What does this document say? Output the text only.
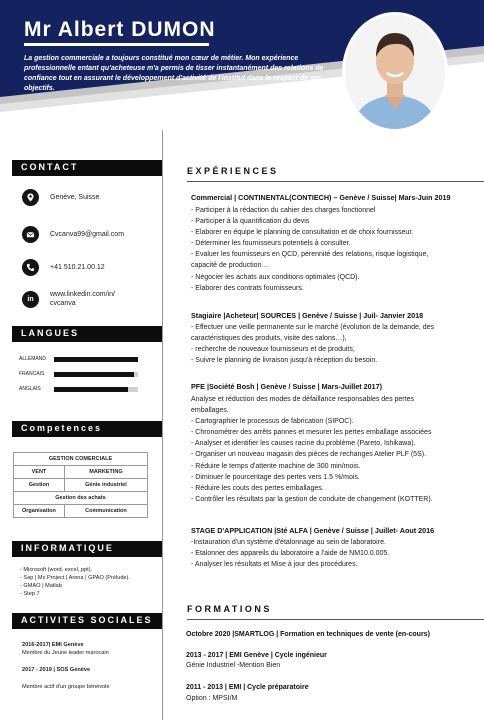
Mr Albert DUMON
La gestion commerciale a toujours constitué mon cœur de métier. Mon expérience professionnelle entant qu'acheteuse m'a permis de tisser instantanément des relations de confiance tout en assurant le développement d'activité de l'institut dans le respect de ses objectifs.
CONTACT
Genève, Suisse
Cvcanva99@gmail.com
+41 510.21.00.12
in
www.linkedin.com/in/
cvcanva
LANGUES
ALLEMAND
FRANCAIS
ANGLAIS
Competences
GESTION COMERCIALE	
VENT	MARKETING
Gestion	Génie industriel
Gestion des achats	
Organisation	Communication
INFORMATIQUE
- Microsoft (word, excel, ppt).
- Sap | Ms Project | Arena | GPAO (Prélude).
- GMAO | Matlab
- Step 7
ACTIVITES SOCIALES
2016-2017| EMI Genève
Membre du Jeune leader marocain
2017 - 2019 | SOS Genève
Membre actif d'un groupe bénévole
EXPÉRIENCES
Commercial | CONTINENTAL(CONTIECH) – Genève / Suisse| Mars-Juin 2019
- Participer à la rédaction du cahier des charges fonctionnel
- Participer à la quantification du devis
- Elaborer en équipe le planning de consultation et de choix fournisseur.
- Déterminer les fournisseurs potentiels à consulter.
- Evaluer les fournisseurs en QCD, pérennité des relations, risque logistique,
capacité de production…
- Négocier les achats aux conditions optimales (QCD).
- Elaborer des contrats fournisseurs.
Stagiaire |Acheteur| SOURCES | Genève / Suisse | Juil- Janvier 2018
- Effectuer une veille permanente sur le marché (évolution de la demande, des
caractéristiques des produits, visite des salons…),
- recherche de nouveaux fournisseurs et de produits,
- Suivre le planning de livraison jusqu'à réception du besoin.
PFE |Société Bosh | Genève / Suisse | Mars-Juillet 2017)
Analyse et réduction des modes de défaillance responsables des pertes
emballages.
- Cartographier le processus de fabrication (SIPOC).
- Chronométrer des arrêts pannes et mesurer les pertes emballage associées
- Analyser et identifier les causes racine du problème (Pareto, Ishikawa).
- Organiser un nouveau magasin des pièces de rechanges Atelier PLF (5S).
- Réduire le temps d'attente machine de 300 min/mois.
- Diminuer le pourcentage des pertes vers 1.5 %/mois.
- Réduire les couts des pertes emballages.
- Contrôler les résultats par la gestion de conduite de changement (KOTTER).
STAGE D'APPLICATION |Sté ALFA | Genève / Suisse | Juillet- Aout 2016
-Instauration d'un système d'étalonnage au sein de laboratoire.
- Etalonner des appareils du laboratoire a l'aide de NM10.0.005.
- Analyser les résultats et Mise à jour des procédures.
FORMATIONS
Octobre 2020 |SMARTLOG | Formation en techniques de vente (en-cours)
2013 - 2017 | EMI Genève | Cycle ingénieur
Génie Industriel -Mention Bien
2011 - 2013 | EMI | Cycle préparatoire
Option : MPSI/M
